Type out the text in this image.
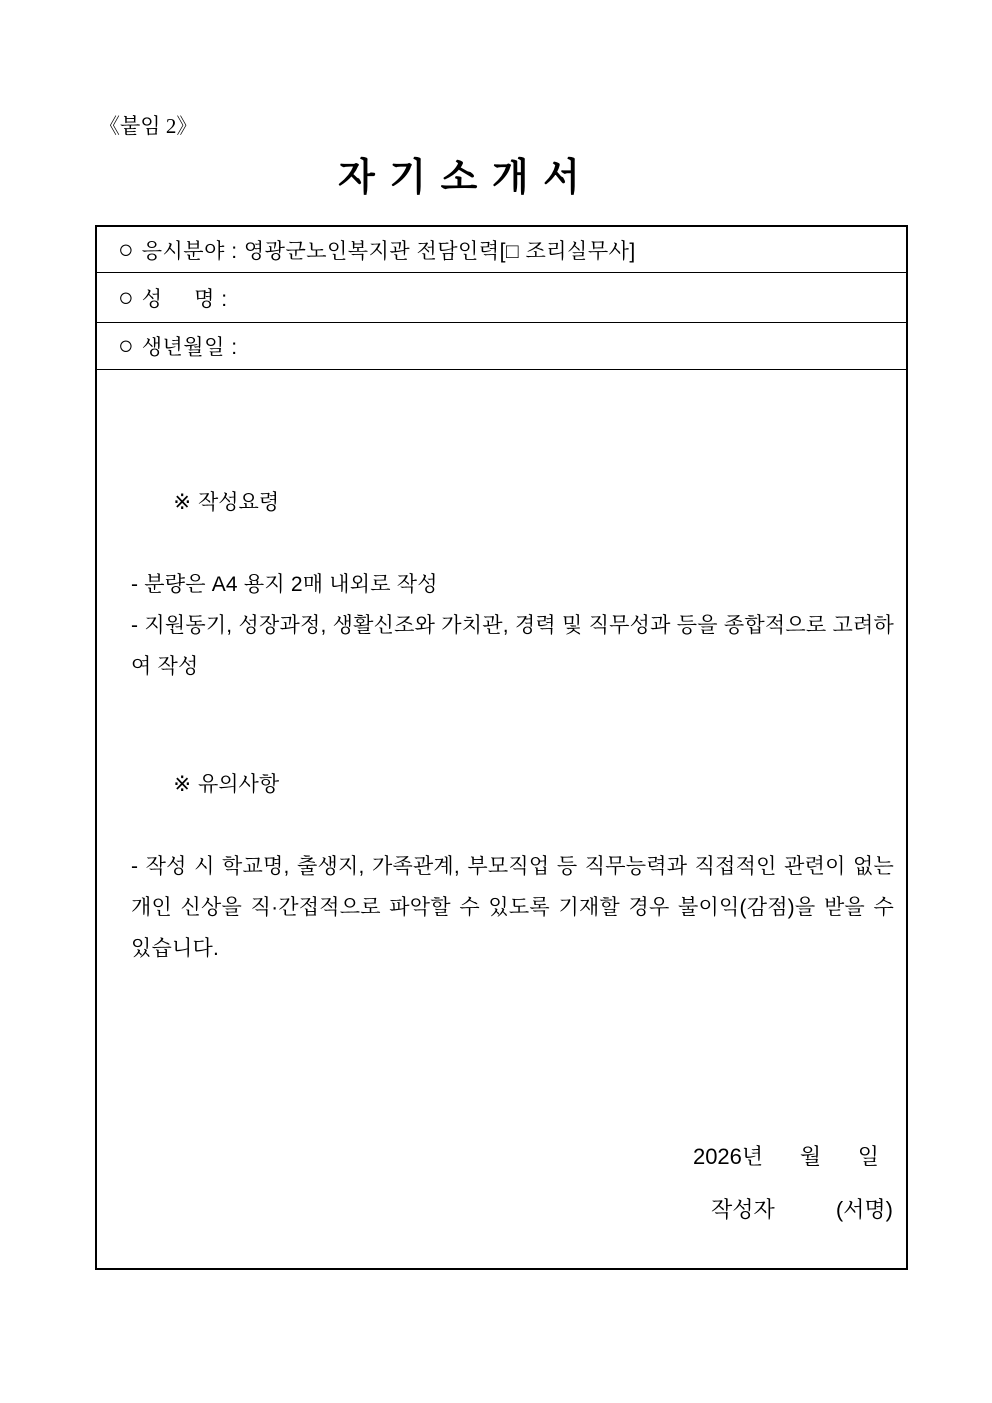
《붙임 2》
자 기 소 개 서
○ 응시분야 : 영광군노인복지관 전담인력[□ 조리실무사]
○ 성     명 :
○ 생년월일 :

※ 작성요령

- 분량은 A4 용지 2매 내외로 작성

- 지원동기, 성장과정, 생활신조와 가치관, 경력 및 직무성과 등을 종합적으로 고려하여 작성

※ 유의사항

- 작성 시 학교명, 출생지, 가족관계, 부모직업 등 직무능력과 직접적인 관련이 없는 개인 신상을 직·간접적으로 파악할 수 있도록 기재할 경우 불이익(감점)을 받을 수 있습니다.

2026년      월      일
작성자          (서명)
